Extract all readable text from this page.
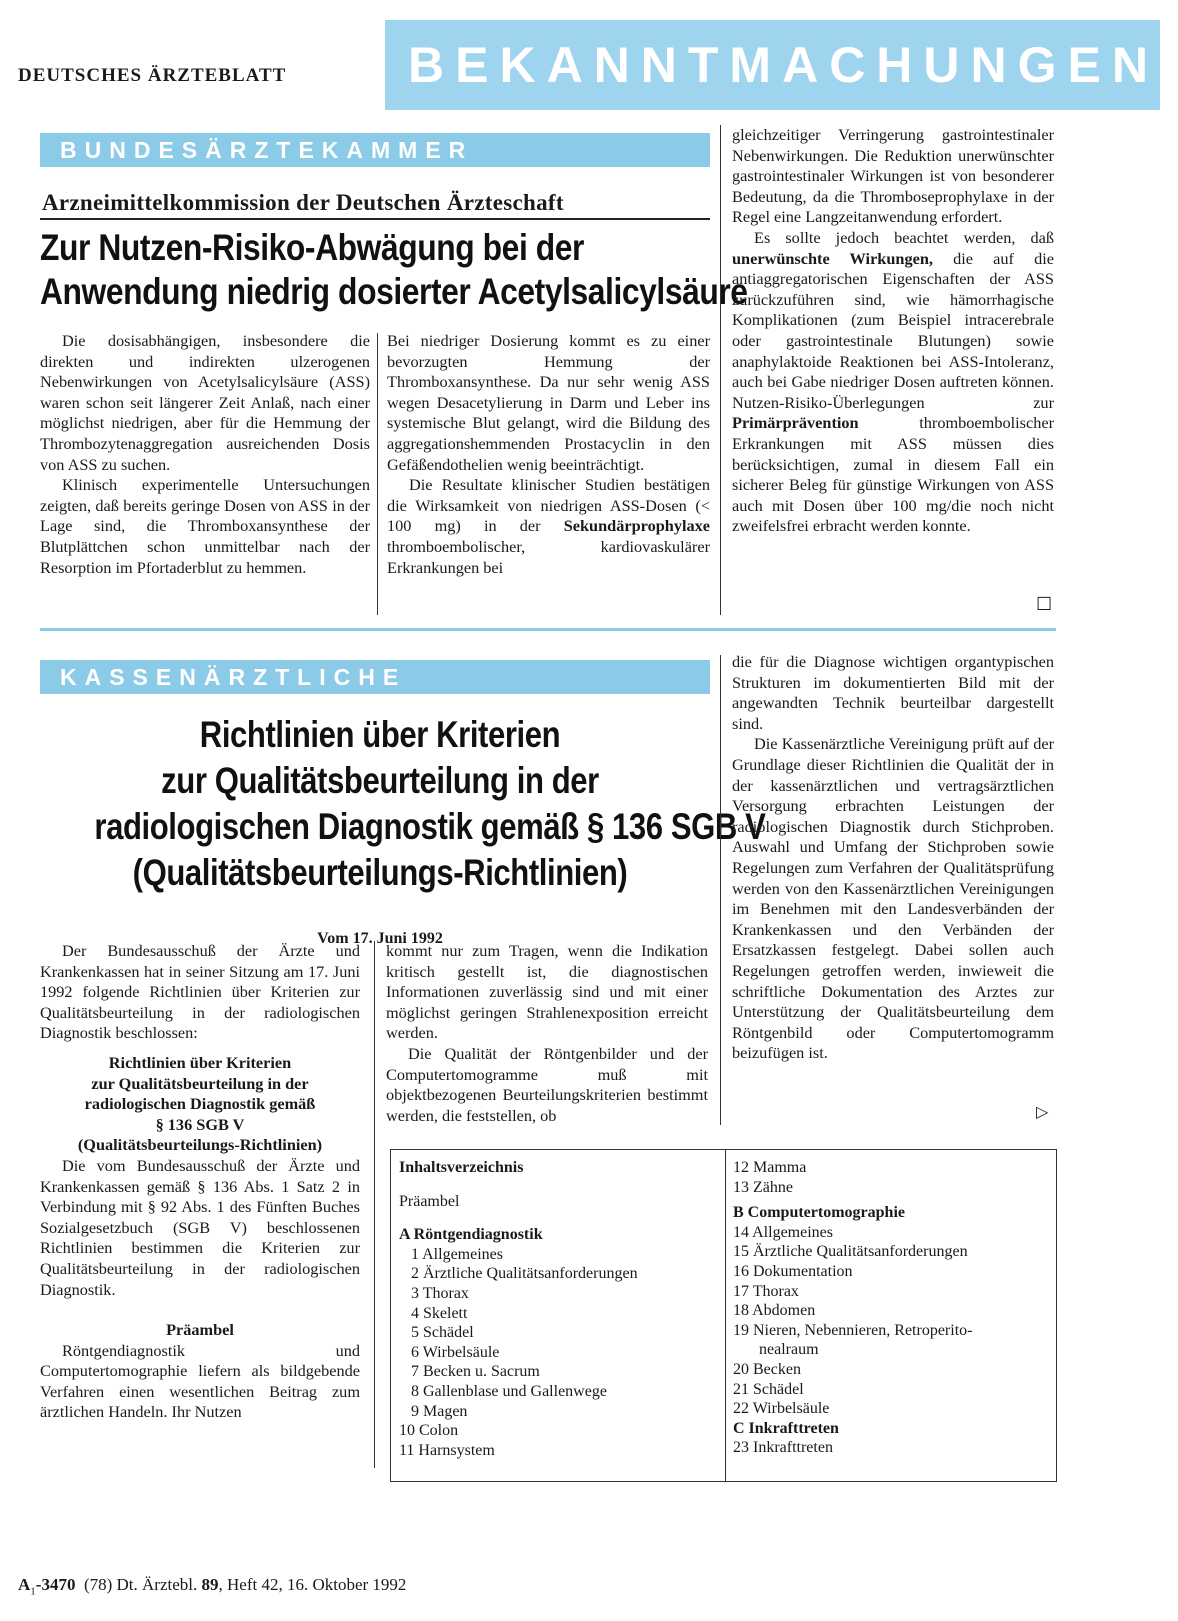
DEUTSCHES ÄRZTEBLATT BEKANNTMACHUNGEN
BUNDESÄRZTEKAMMER
Arzneimittelkommission der Deutschen Ärzteschaft
Zur Nutzen-Risiko-Abwägung bei der
Anwendung niedrig dosierter Acetylsalicylsäure

Die dosisabhängigen, insbesondere die direkten und indirekten ulzerogenen Nebenwirkungen von Acetylsalicylsäure (ASS) waren schon seit längerer Zeit Anlaß, nach einer möglichst niedrigen, aber für die Hemmung der Thrombozytenaggregation ausreichenden Dosis von ASS zu suchen.

Klinisch experimentelle Untersuchungen zeigten, daß bereits geringe Dosen von ASS in der Lage sind, die Thromboxansynthese der Blutplättchen schon unmittelbar nach der Resorption im Pfortaderblut zu hemmen.

Bei niedriger Dosierung kommt es zu einer bevorzugten Hemmung der Thromboxansynthese. Da nur sehr wenig ASS wegen Desacetylierung in Darm und Leber ins systemische Blut gelangt, wird die Bildung des aggregationshemmenden Prostacyclin in den Gefäßendothelien wenig beeinträchtigt.

Die Resultate klinischer Studien bestätigen die Wirksamkeit von niedrigen ASS-Dosen (< 100 mg) in der Sekundärprophylaxe thromboembolischer, kardiovaskulärer Erkrankungen bei

gleichzeitiger Verringerung gastrointestinaler Nebenwirkungen. Die Reduktion unerwünschter gastrointestinaler Wirkungen ist von besonderer Bedeutung, da die Thromboseprophylaxe in der Regel eine Langzeitanwendung erfordert.

Es sollte jedoch beachtet werden, daß unerwünschte Wirkungen, die auf die antiaggregatorischen Eigenschaften der ASS zurückzuführen sind, wie hämorrhagische Komplikationen (zum Beispiel intracerebrale oder gastrointestinale Blutungen) sowie anaphylaktoide Reaktionen bei ASS-Intoleranz, auch bei Gabe niedriger Dosen auftreten können. Nutzen-Risiko-Überlegungen zur Primärprävention thromboembolischer Erkrankungen mit ASS müssen dies berücksichtigen, zumal in diesem Fall ein sicherer Beleg für günstige Wirkungen von ASS auch mit Dosen über 100 mg/die noch nicht zweifelsfrei erbracht werden konnte.

☐
KASSENÄRZTLICHE BUNDESVEREINIGUNG
Richtlinien über Kriterien
zur Qualitätsbeurteilung in der
radiologischen Diagnostik gemäß § 136 SGB V
(Qualitätsbeurteilungs-Richtlinien)
Vom 17. Juni 1992

Der Bundesausschuß der Ärzte und Krankenkassen hat in seiner Sitzung am 17. Juni 1992 folgende Richtlinien über Kriterien zur Qualitätsbeurteilung in der radiologischen Diagnostik beschlossen:

Richtlinien über Kriterien
zur Qualitätsbeurteilung in der
radiologischen Diagnostik gemäß
§ 136 SGB V
(Qualitätsbeurteilungs-Richtlinien)

Die vom Bundesausschuß der Ärzte und Krankenkassen gemäß § 136 Abs. 1 Satz 2 in Verbindung mit § 92 Abs. 1 des Fünften Buches Sozialgesetzbuch (SGB V) beschlossenen Richtlinien bestimmen die Kriterien zur Qualitätsbeurteilung in der radiologischen Diagnostik.

Präambel

Röntgendiagnostik und Computertomographie liefern als bildgebende Verfahren einen wesentlichen Beitrag zum ärztlichen Handeln. Ihr Nutzen

kommt nur zum Tragen, wenn die Indikation kritisch gestellt ist, die diagnostischen Informationen zuverlässig sind und mit einer möglichst geringen Strahlenexposition erreicht werden.

Die Qualität der Röntgenbilder und der Computertomogramme muß mit objektbezogenen Beurteilungskriterien bestimmt werden, die feststellen, ob

die für die Diagnose wichtigen organtypischen Strukturen im dokumentierten Bild mit der angewandten Technik beurteilbar dargestellt sind.

Die Kassenärztliche Vereinigung prüft auf der Grundlage dieser Richtlinien die Qualität der in der kassenärztlichen und vertragsärztlichen Versorgung erbrachten Leistungen der radiologischen Diagnostik durch Stichproben. Auswahl und Umfang der Stichproben sowie Regelungen zum Verfahren der Qualitätsprüfung werden von den Kassenärztlichen Vereinigungen im Benehmen mit den Landesverbänden der Krankenkassen und den Verbänden der Ersatzkassen festgelegt. Dabei sollen auch Regelungen getroffen werden, inwieweit die schriftliche Dokumentation des Arztes zur Unterstützung der Qualitätsbeurteilung dem Röntgenbild oder Computertomogramm beizufügen ist.

▷
Inhaltsverzeichnis
Präambel
A Röntgendiagnostik
1 Allgemeines
2 Ärztliche Qualitätsanforderungen
3 Thorax
4 Skelett
5 Schädel
6 Wirbelsäule
7 Becken u. Sacrum
8 Gallenblase und Gallenwege
9 Magen
10 Colon
11 Harnsystem
12 Mamma
13 Zähne
B Computertomographie
14 Allgemeines
15 Ärztliche Qualitätsanforderungen
16 Dokumentation
17 Thorax
18 Abdomen
19 Nieren, Nebennieren, Retroperito-
nealraum
20 Becken
21 Schädel
22 Wirbelsäule
C Inkrafttreten
23 Inkrafttreten
$A_1-3470$ (78) Dt. Ärztebl. 89, Heft 42, 16. Oktober 1992
